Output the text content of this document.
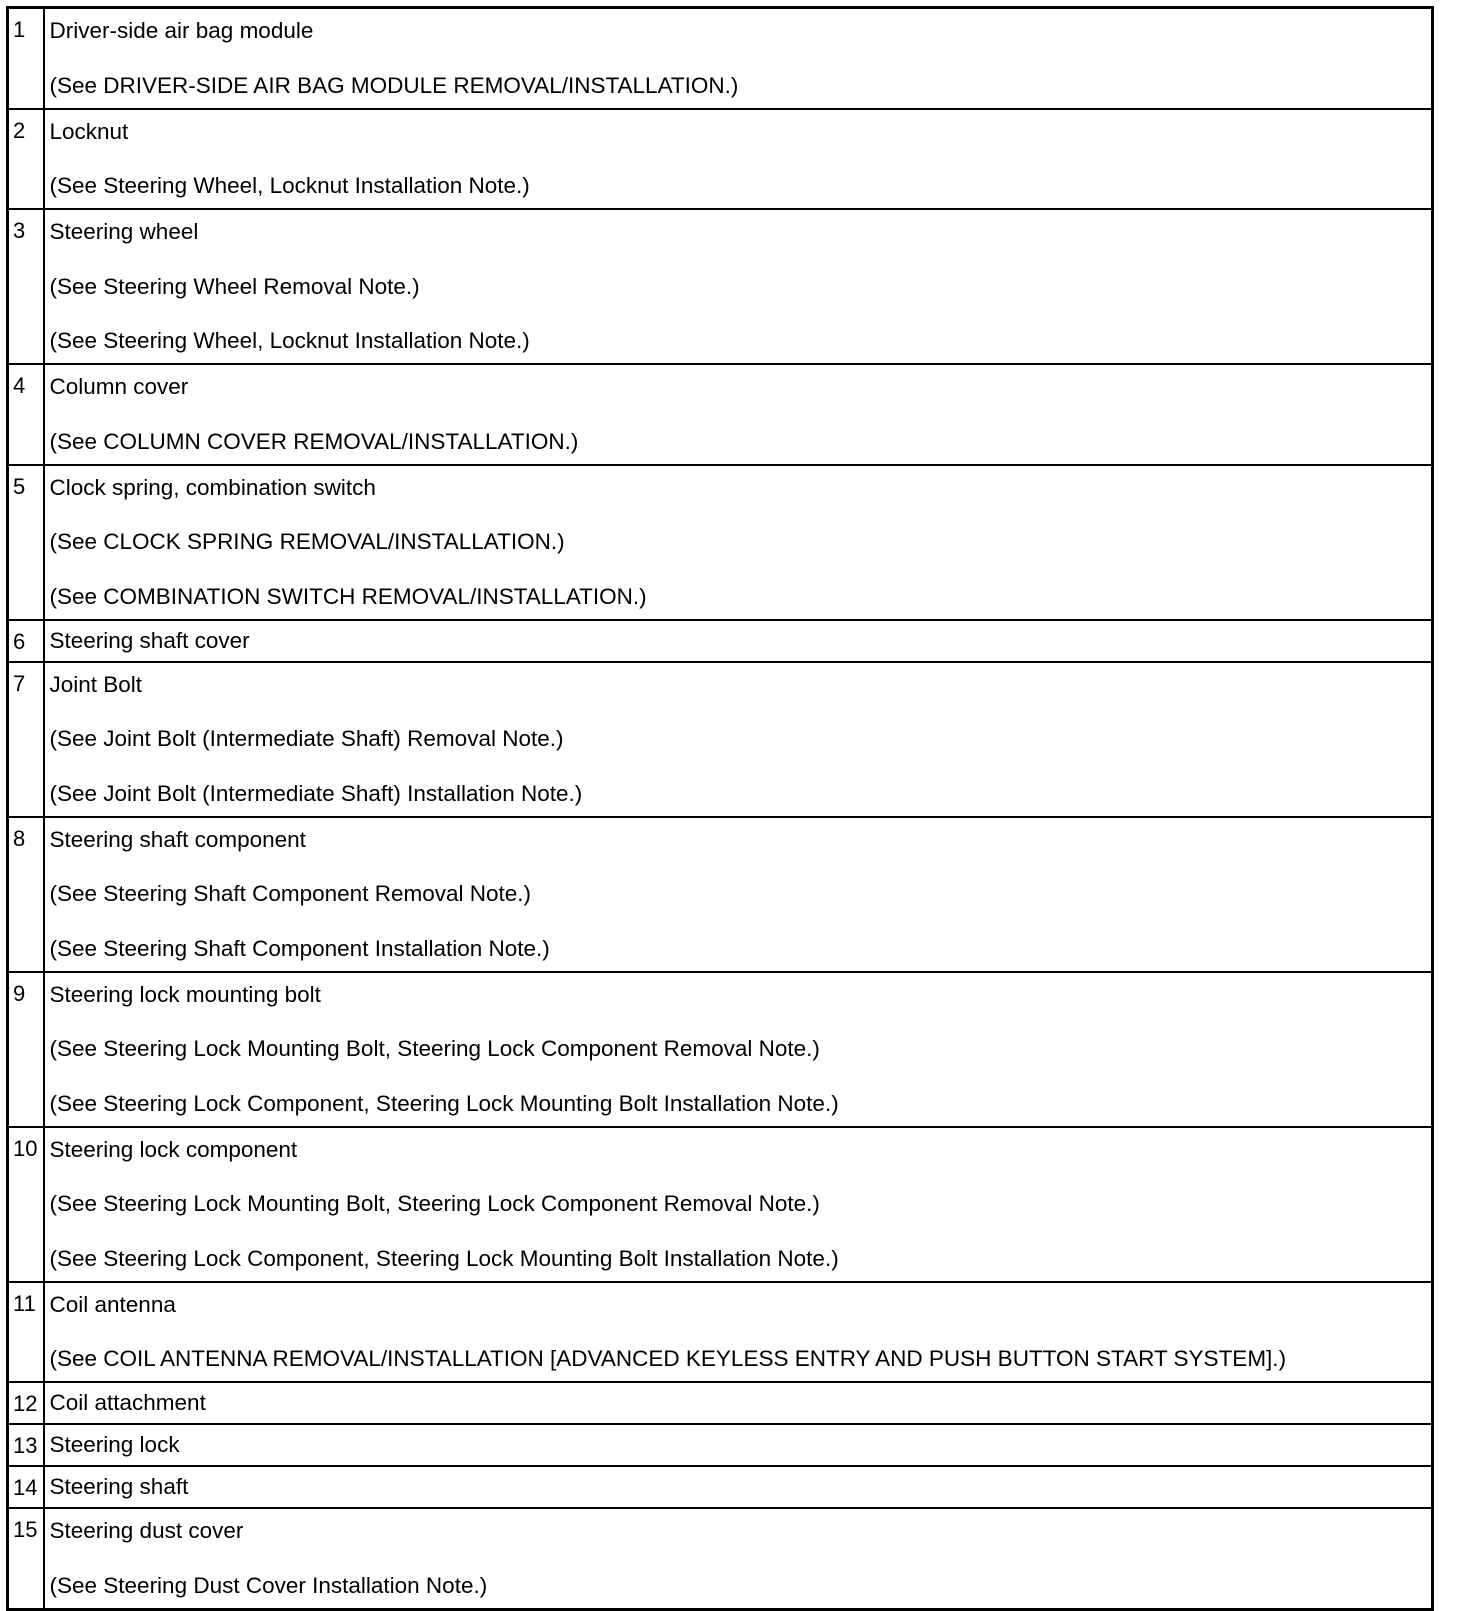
1	Driver-side air bag module
(See DRIVER-SIDE AIR BAG MODULE REMOVAL/INSTALLATION.)

2	Locknut
(See Steering Wheel, Locknut Installation Note.)

3	Steering wheel
(See Steering Wheel Removal Note.)
(See Steering Wheel, Locknut Installation Note.)

4	Column cover
(See COLUMN COVER REMOVAL/INSTALLATION.)

5	Clock spring, combination switch
(See CLOCK SPRING REMOVAL/INSTALLATION.)
(See COMBINATION SWITCH REMOVAL/INSTALLATION.)

6	Steering shaft cover

7	Joint Bolt
(See Joint Bolt (Intermediate Shaft) Removal Note.)
(See Joint Bolt (Intermediate Shaft) Installation Note.)

8	Steering shaft component
(See Steering Shaft Component Removal Note.)
(See Steering Shaft Component Installation Note.)

9	Steering lock mounting bolt
(See Steering Lock Mounting Bolt, Steering Lock Component Removal Note.)
(See Steering Lock Component, Steering Lock Mounting Bolt Installation Note.)

10	Steering lock component
(See Steering Lock Mounting Bolt, Steering Lock Component Removal Note.)
(See Steering Lock Component, Steering Lock Mounting Bolt Installation Note.)

11	Coil antenna
(See COIL ANTENNA REMOVAL/INSTALLATION [ADVANCED KEYLESS ENTRY AND PUSH BUTTON START SYSTEM].)

12	Coil attachment

13	Steering lock

14	Steering shaft

15	Steering dust cover
(See Steering Dust Cover Installation Note.)
